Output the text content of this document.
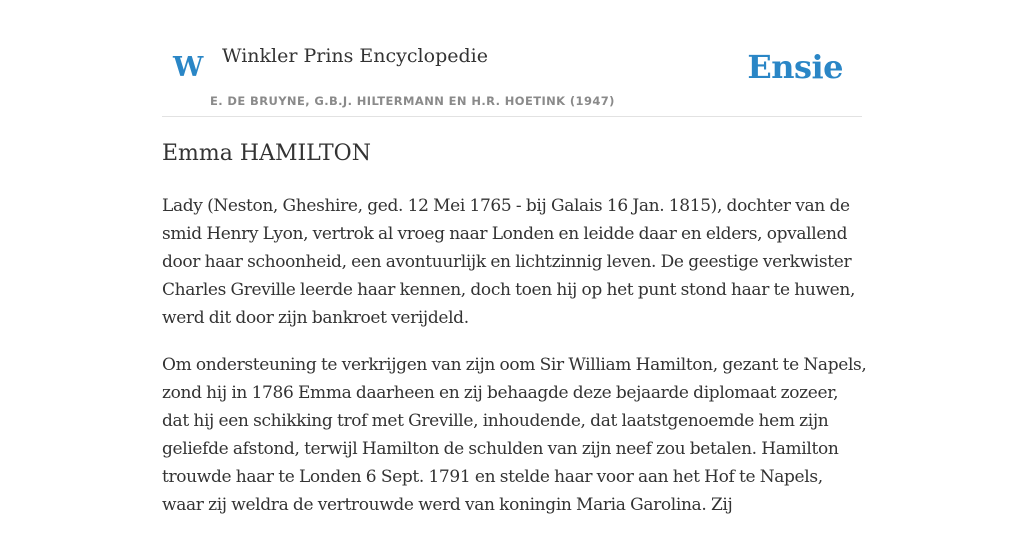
W Winkler Prins Encyclopedie
E. DE BRUYNE, G.B.J. HILTERMANN EN H.R. HOETINK (1947)
Ensie
Emma HAMILTON

Lady (Neston, Gheshire, ged. 12 Mei 1765 - bij Galais 16 Jan. 1815), dochter van de smid Henry Lyon, vertrok al vroeg naar Londen en leidde daar en elders, opvallend door haar schoonheid, een avontuurlijk en lichtzinnig leven. De geestige verkwister Charles Greville leerde haar kennen, doch toen hij op het punt stond haar te huwen, werd dit door zijn bankroet verijdeld.

Om ondersteuning te verkrijgen van zijn oom Sir William Hamilton, gezant te Napels, zond hij in 1786 Emma daarheen en zij behaagde deze bejaarde diplomaat zozeer, dat hij een schikking trof met Greville, inhoudende, dat laatstgenoemde hem zijn geliefde afstond, terwijl Hamilton de schulden van zijn neef zou betalen. Hamilton trouwde haar te Londen 6 Sept. 1791 en stelde haar voor aan het Hof te Napels, waar zij weldra de vertrouwde werd van koningin Maria Garolina. Zij
